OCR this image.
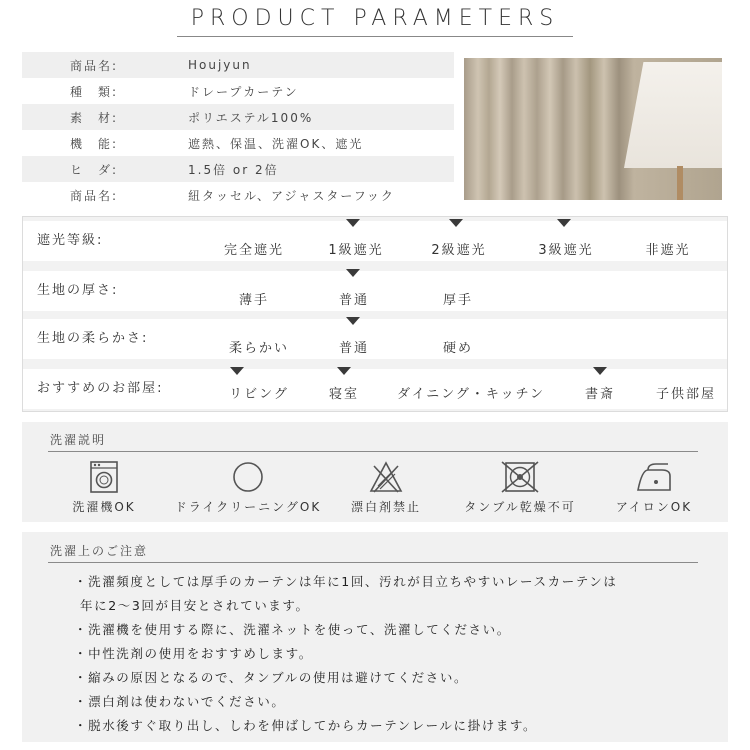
PRODUCT PARAMETERS
商品名:	Houjyun
種　類:	ドレープカーテン
素　材:	ポリエステル100%
機　能:	遮熱、保温、洗濯OK、遮光
ヒ　ダ:	1.5倍 or 2倍
商品名:	紐タッセル、アジャスターフック
遮光等級:
完全遮光	1級遮光	2級遮光	3級遮光	非遮光
生地の厚さ:
薄手	普通	厚手
生地の柔らかさ:
柔らかい	普通	硬め
おすすめのお部屋:	リビング	寝室	ダイニング・キッチン	書斎	子供部屋
洗濯説明
洗濯機OK	ドライクリーニングOK 漂白剤禁止	タンブル乾燥不可	アイロンOK
洗濯上のご注意
・洗濯頻度としては厚手のカーテンは年に1回、汚れが目立ちやすいレースカーテンは
年に2～3回が目安とされています。
・洗濯機を使用する際に、洗濯ネットを使って、洗濯してください。
・中性洗剤の使用をおすすめします。
・縮みの原因となるので、タンブルの使用は避けてください。
・漂白剤は使わないでください。
・脱水後すぐ取り出し、しわを伸ばしてからカーテンレールに掛けます。
